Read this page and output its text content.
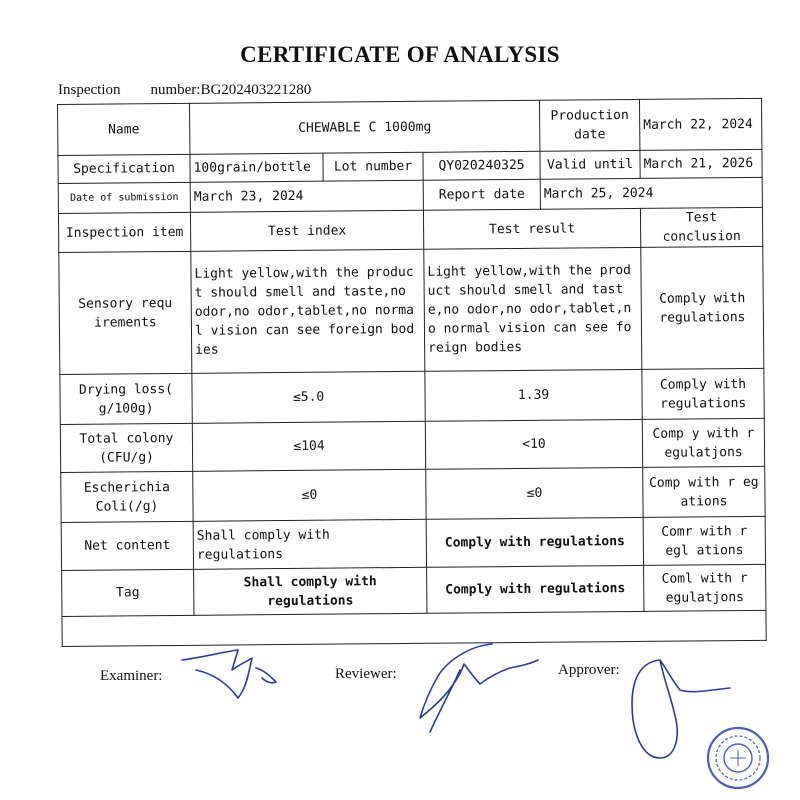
CERTIFICATE OF ANALYSIS
Inspection number:BG202403221280
Name	CHEWABLE C 1000mg			Production date	March 22, 2024
Specification	100grain/bottle	Lot number	QY020240325	Valid until	March 21, 2026
Date of submission	March 23, 2024		Report date	March 25, 2024	
Inspection item	Test index		Test result		Test conclusion
Sensory requ irements	Light yellow,with the product should smell and taste,no odor,no odor,tablet,no normal vision can see foreign bodies		Light yellow,with the product should smell and taste,no odor,no odor,tablet,no normal vision can see foreign bodies		Comply with regulations
Drying loss( g/100g)	≤5.0		1.39		Comply with regulations
Total colony (CFU/g)	≤104		<10		Comp y with r egulatjons
Escherichia Coli(/g)	≤0		≤0		Comp with r eg ations
Net content	Shall comply with regulations		Comply with regulations		Comr with r egl ations
Tag	Shall comply with regulations		Comply with regulations		Coml with r egulatjons

Examiner:	Reviewer:	Approver:
